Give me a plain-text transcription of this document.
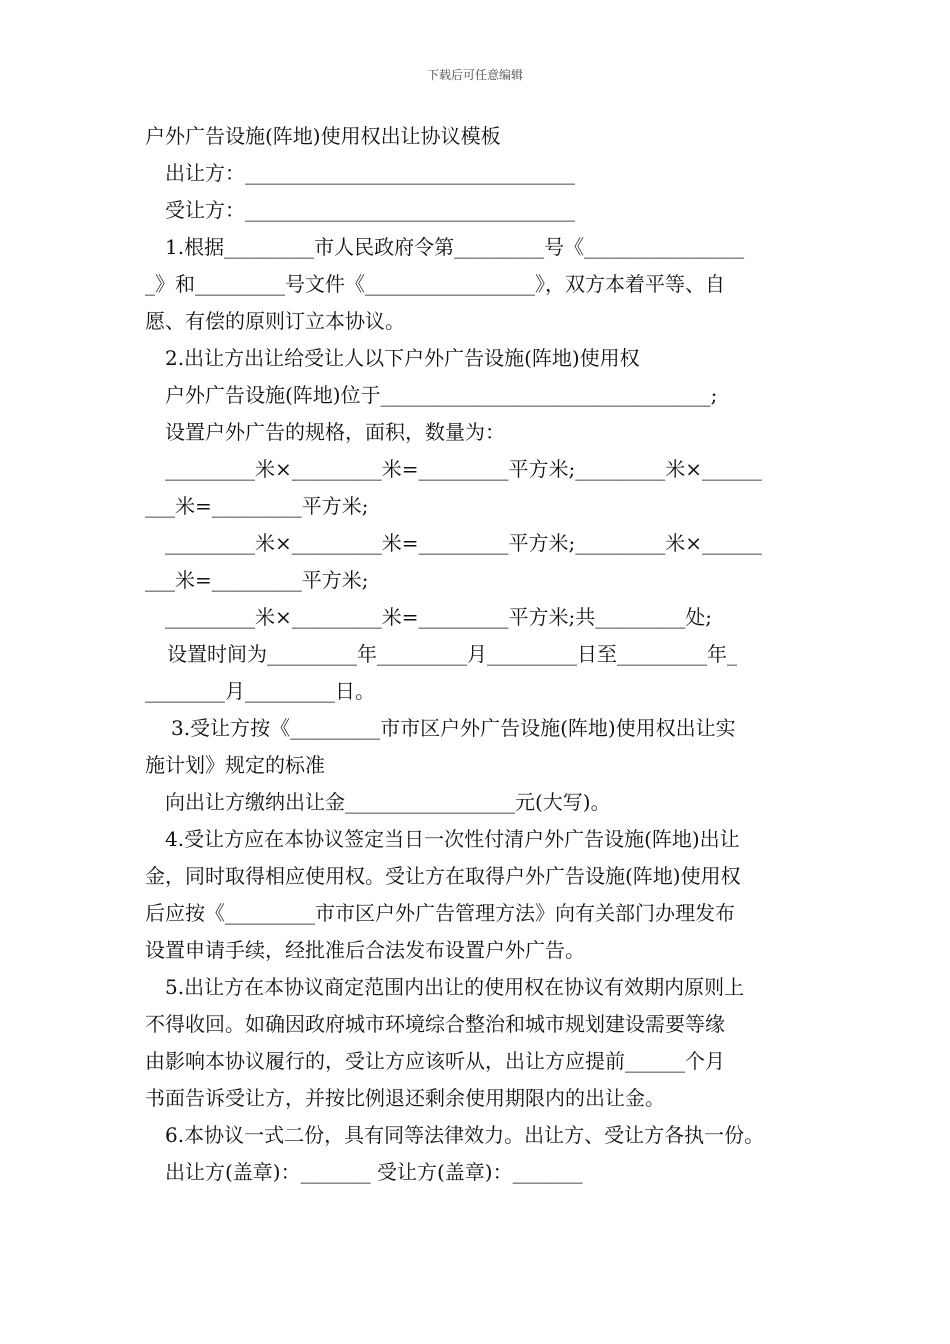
下载后可任意编辑
户外广告设施(阵地)使用权出让协议模板
出让方：_________________________________
受让方：_________________________________
1.根据_________市人民政府令第_________号《________________
_》和_________号文件《_________________》，双方本着平等、自
愿、有偿的原则订立本协议。
2.出让方出让给受让人以下户外广告设施(阵地)使用权
户外广告设施(阵地)位于_________________________________;
设置户外广告的规格，面积，数量为：
_________米×_________米=_________平方米;_________米×______
___米=_________平方米;
_________米×_________米=_________平方米;_________米×______
___米=_________平方米;
_________米×_________米=_________平方米;共_________处;
设置时间为_________年_________月_________日至_________年_
________月_________日。
3.受让方按《_________市市区户外广告设施(阵地)使用权出让实
施计划》规定的标准
向出让方缴纳出让金_________________元(大写)。
4.受让方应在本协议签定当日一次性付清户外广告设施(阵地)出让
金，同时取得相应使用权。受让方在取得户外广告设施(阵地)使用权
后应按《_________市市区户外广告管理方法》向有关部门办理发布
设置申请手续，经批准后合法发布设置户外广告。
5.出让方在本协议商定范围内出让的使用权在协议有效期内原则上
不得收回。如确因政府城市环境综合整治和城市规划建设需要等缘
由影响本协议履行的，受让方应该听从，出让方应提前______个月
书面告诉受让方，并按比例退还剩余使用期限内的出让金。
6.本协议一式二份，具有同等法律效力。出让方、受让方各执一份。
出让方(盖章)：_______ 受让方(盖章)：_______
